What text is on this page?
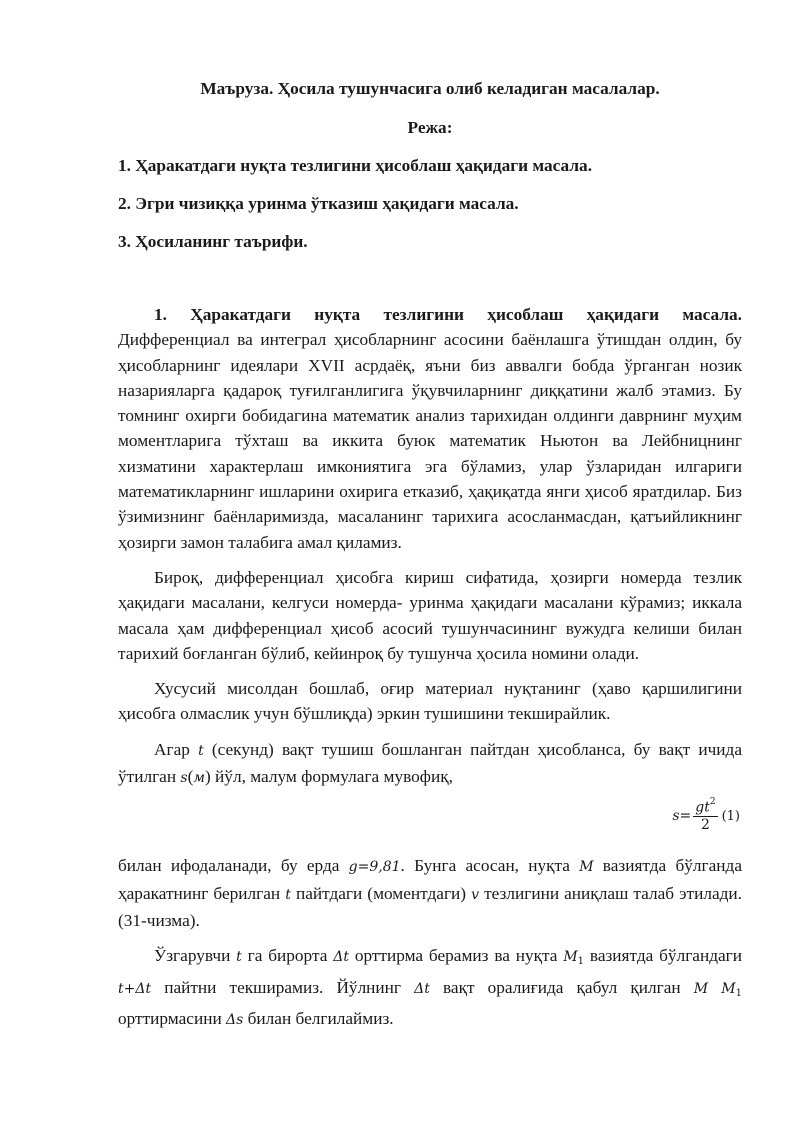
Маъруза. Ҳосила тушунчасига олиб келадиган масалалар.

Режа:

1. Ҳаракатдаги нуқта тезлигини ҳисоблаш ҳақидаги масала.
2. Эгри чизиққа уринма ўтказиш ҳақидаги масала.
3. Ҳосиланинг таърифи.

1. Ҳаракатдаги нуқта тезлигини ҳисоблаш ҳақидаги масала. Дифференциал ва интеграл ҳисобларнинг асосини баёнлашга ўтишдан олдин, бу ҳисобларнинг идеялари XVII асрдаёқ, яъни биз аввалги бобда ўрганган нозик назарияларга қадароқ туғилганлигига ўқувчиларнинг диққатини жалб этамиз. Бу томнинг охирги бобидагина математик анализ тарихидан олдинги даврнинг муҳим моментларига тўхташ ва иккита буюк математик Ньютон ва Лейбницнинг хизматини характерлаш имкониятига эга бўламиз, улар ўзларидан илгариги математикларнинг ишларини охирига етказиб, ҳақиқатда янги ҳисоб яратдилар. Биз ўзимизнинг баёнларимизда, масаланинг тарихига асосланмасдан, қатъийликнинг ҳозирги замон талабига амал қиламиз.

Бироқ, дифференциал ҳисобга кириш сифатида, ҳозирги номерда тезлик ҳақидаги масалани, келгуси номерда- уринма ҳақидаги масалани кўрамиз; иккала масала ҳам дифференциал ҳисоб асосий тушунчасининг вужудга келиши билан тарихий боғланган бўлиб, кейинроқ бу тушунча ҳосила номини олади.

Хусусий мисолдан бошлаб, оғир материал нуқтанинг (ҳаво қаршилигини ҳисобга олмаслик учун бўшлиқда) эркин тушишини текширайлик.

Агар t (секунд) вақт тушиш бошланган пайтдан ҳисобланса, бу вақт ичида ўтилган s(м) йўл, малум формулага мувофиқ,

$s= \frac{gt^2}{2} (1)$

билан ифодаланади, бу ерда g=9,81. Бунга асосан, нуқта M вазиятда бўлганда ҳаракатнинг берилган t пайтдаги (моментдаги) v тезлигини аниқлаш талаб этилади. (31-чизма).

Ўзгарувчи t га бирорта Δt орттирма берамиз ва нуқта $M_1$ вазиятда бўлгандаги t+Δt пайтни текширамиз. Йўлнинг Δt вақт оралиғида қабул қилган M $M_1$ орттирмасини Δs билан белгилаймиз.
